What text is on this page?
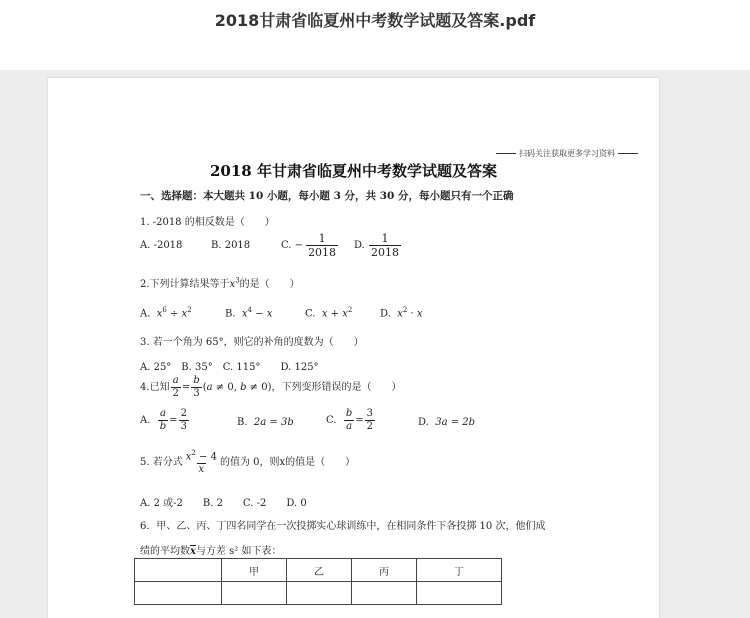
2018甘肃省临夏州中考数学试题及答案.pdf
扫码关注获取更多学习资料
2018 年甘肃省临夏州中考数学试题及答案
一、选择题：本大题共 10 小题，每小题 3 分，共 30 分，每小题只有一个正确
1. -2018 的相反数是（　　）
A. -2018	B. 2018	C. − $\frac{1}{2018} D$. $\frac{1}{2018}$
2.下列计算结果等于$x^3$的是（　　）
A. $x^6 \div x^2$	B. $x^4 - x$	C. $x + x^2$	D. $x^2 \cdot x$
3. 若一个角为 65°，则它的补角的度数为（　　）
A. 25°　B. 35°　C. 115°　　D. 125°
4.已知 $\frac{a}{2} = \frac{b}{3} (a \ne 0$, b ≠ 0)，下列变形错误的是（　　）
A. $\frac{a}{b} = \frac{2}{3}$	B. 2a = 3b	C. $\frac{b}{a} = \frac{3}{2}$	D. 3a = 2b
5. 若分式 $\frac{x^2 - 4}{x}$ 的值为 0，则x的值是（　　）
A. 2 或-2　　B. 2　　C. -2　　D. 0
6．甲、乙、丙、丁四名同学在一次投掷实心球训练中，在相同条件下各投掷 10 次，他们成
绩的平均数$\overline{x}$与方差 s² 如下表：
	甲	乙	丙	丁
